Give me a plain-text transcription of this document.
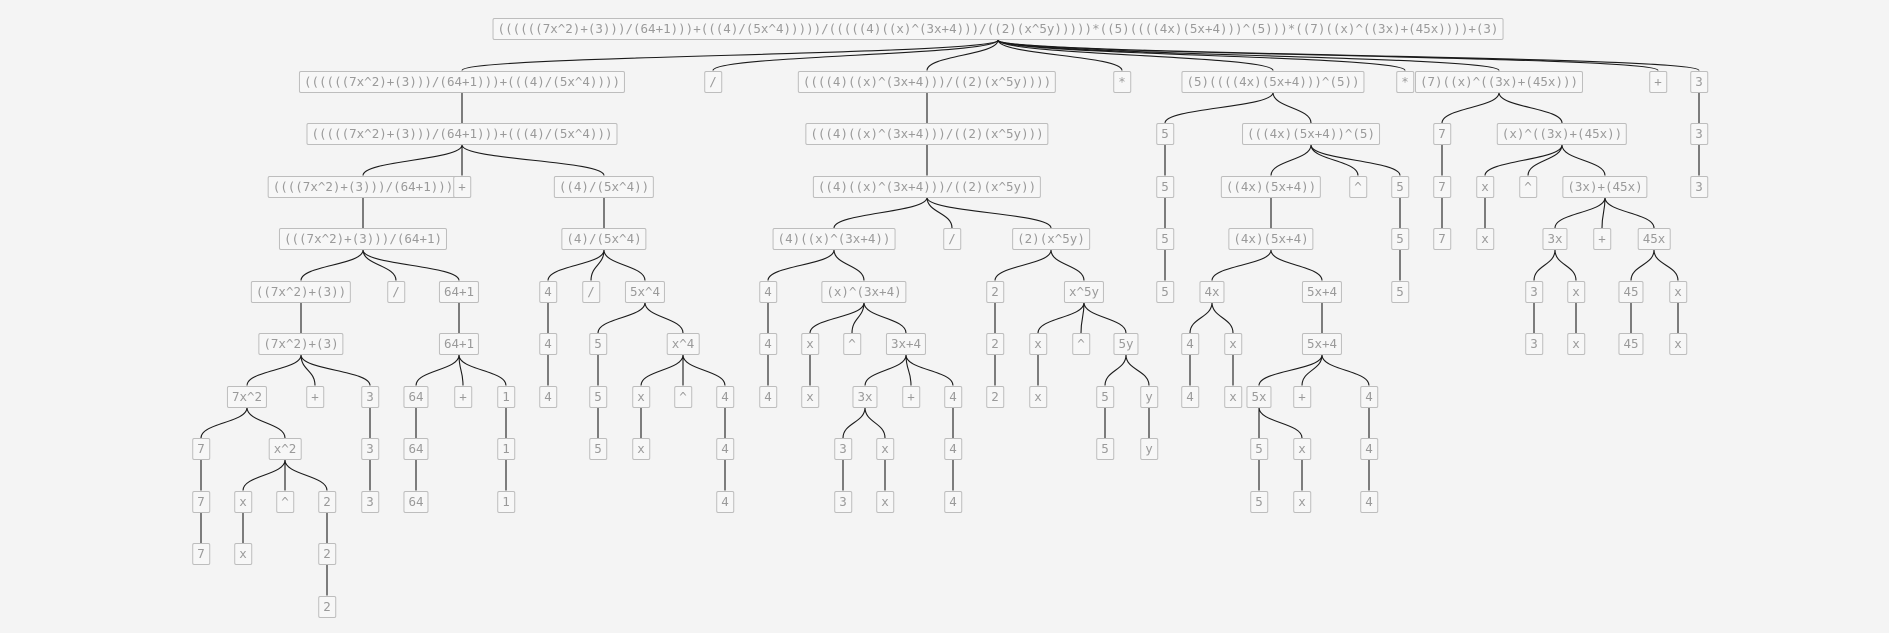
((((((7x^2)+(3)))/(64+1)))+(((4)/(5x^4)))))/(((((4)((x)^(3x+4)))/((2)(x^5y)))))*((5)((((4x)(5x+4)))^(5)))*((7)((x)^((3x)+(45x))))+(3)
((((((7x^2)+(3)))/(64+1)))+(((4)/(5x^4))))
(((((7x^2)+(3)))/(64+1)))+(((4)/(5x^4)))
((((7x^2)+(3)))/(64+1)))
(((7x^2)+(3)))/(64+1)
((7x^2)+(3))
(7x^2)+(3)
7x^2
7
7
7
x^2
x
x
^	2
2
2
+	3
3
3
/	64+1
64+1
64
64
64
+	1
1
1
+	((4)/(5x^4))
(4)/(5x^4)
4
4
4
/	5x^4
5
5
5
x^4
x
x
^	4
4
4
/	((((4)((x)^(3x+4)))/((2)(x^5y))))
(((4)((x)^(3x+4)))/((2)(x^5y)))
((4)((x)^(3x+4)))/((2)(x^5y))
(4)((x)^(3x+4))
4
4
4
(x)^(3x+4)
x
x
^	3x+4
3x
3
3
x
x
+	4
4
4
/	(2)(x^5y)
2
2
2
x^5y
x
x
^	5y
5
5
y
y
*	(5)((((4x)(5x+4)))^(5))
5
5
5
5
(((4x)(5x+4))^(5)
((4x)(5x+4))
(4x)(5x+4)
4x
4
4
x
x
5x+4
5x+4
5x
5
5
x
x
+	4
4
4
^	5
5
5
* (7)((x)^((3x)+(45x)))
7
7
7
(x)^((3x)+(45x))
x
x
^	(3x)+(45x)
3x
3
3
x
x
+	45x
45
45
x
x
+	3
3
3
